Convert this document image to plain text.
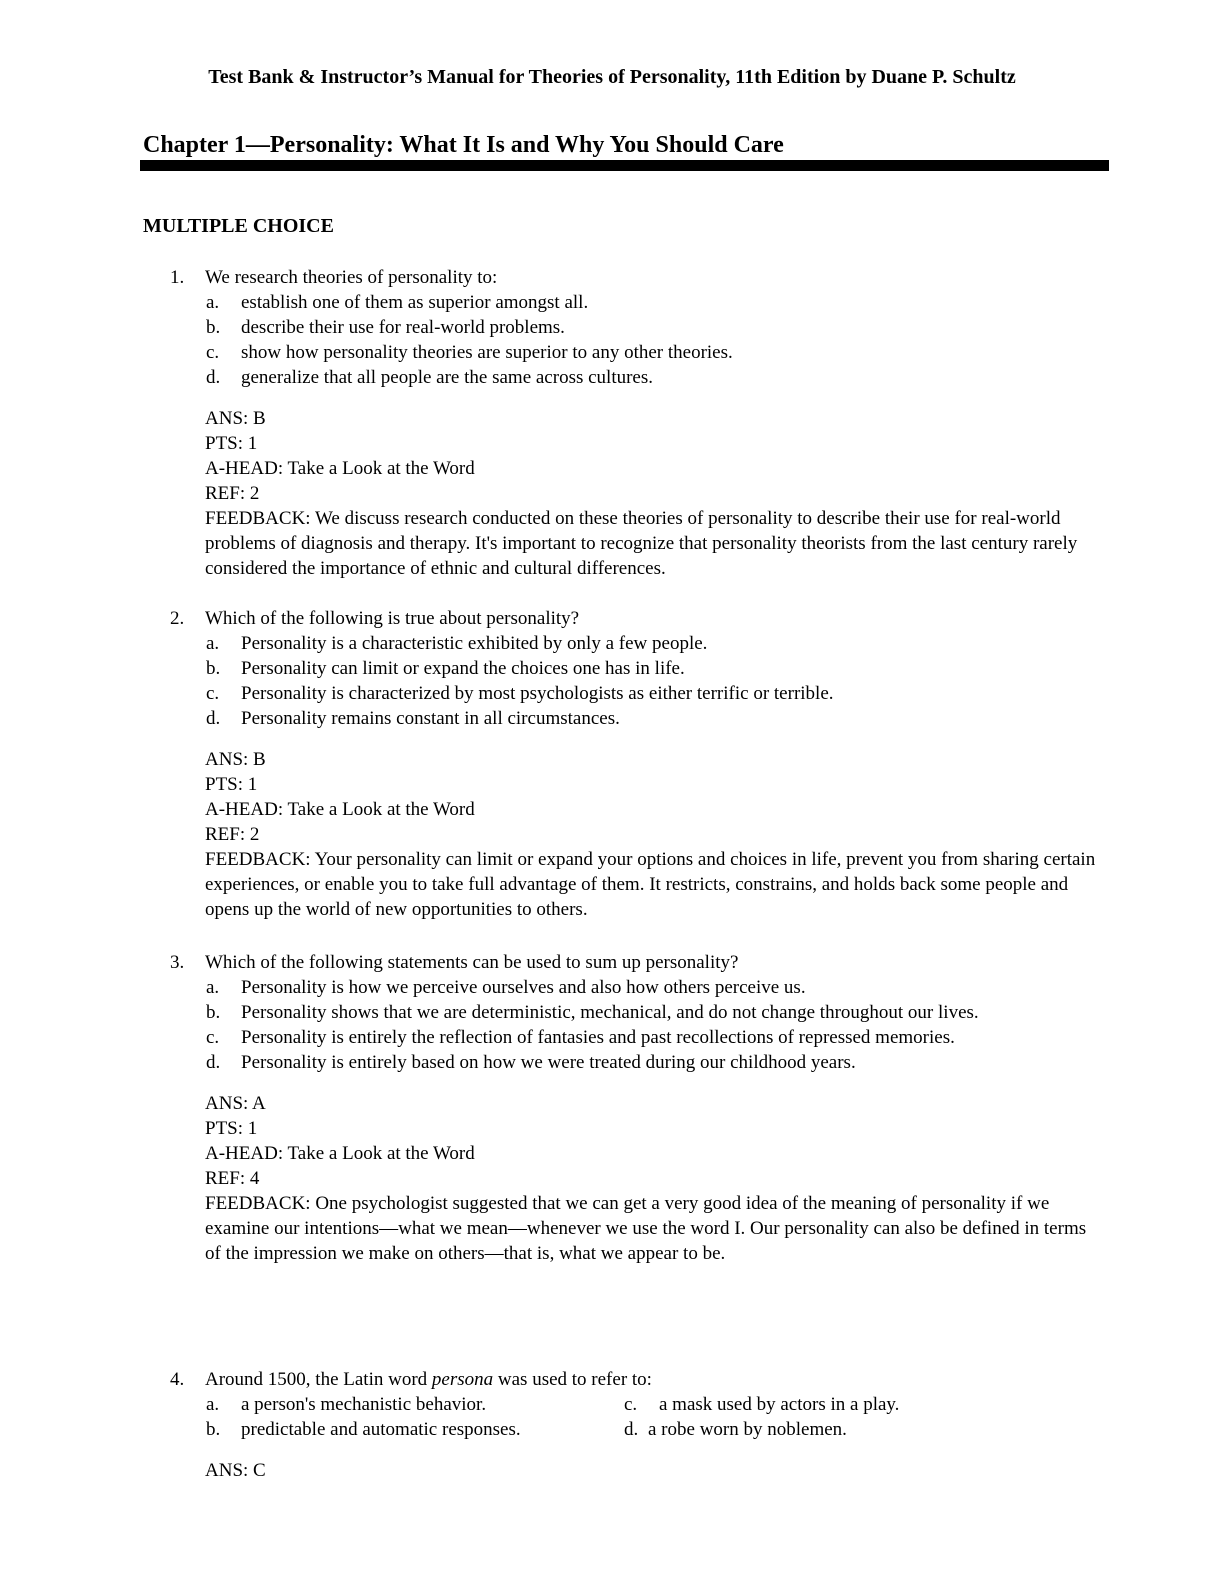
Test Bank & Instructor’s Manual for Theories of Personality, 11th Edition by Duane P. Schultz
Chapter 1—Personality: What It Is and Why You Should Care
MULTIPLE CHOICE
1. We research theories of personality to:
a. establish one of them as superior amongst all.
b. describe their use for real-world problems.
c. show how personality theories are superior to any other theories.
d. generalize that all people are the same across cultures.
ANS: B
PTS: 1
A-HEAD: Take a Look at the Word
REF: 2
FEEDBACK: We discuss research conducted on these theories of personality to describe their use for real-world problems of diagnosis and therapy. It's important to recognize that personality theorists from the last century rarely considered the importance of ethnic and cultural differences.
2. Which of the following is true about personality?
a. Personality is a characteristic exhibited by only a few people.
b. Personality can limit or expand the choices one has in life.
c. Personality is characterized by most psychologists as either terrific or terrible.
d. Personality remains constant in all circumstances.
ANS: B
PTS: 1
A-HEAD: Take a Look at the Word
REF: 2
FEEDBACK: Your personality can limit or expand your options and choices in life, prevent you from sharing certain experiences, or enable you to take full advantage of them. It restricts, constrains, and holds back some people and opens up the world of new opportunities to others.
3. Which of the following statements can be used to sum up personality?
a. Personality is how we perceive ourselves and also how others perceive us.
b. Personality shows that we are deterministic, mechanical, and do not change throughout our lives.
c. Personality is entirely the reflection of fantasies and past recollections of repressed memories.
d. Personality is entirely based on how we were treated during our childhood years.
ANS: A
PTS: 1
A-HEAD: Take a Look at the Word
REF: 4
FEEDBACK: One psychologist suggested that we can get a very good idea of the meaning of personality if we examine our intentions—what we mean—whenever we use the word I. Our personality can also be defined in terms of the impression we make on others—that is, what we appear to be.
4. Around 1500, the Latin word persona was used to refer to:
a. a person's mechanistic behavior.	c. a mask used by actors in a play.
b. predictable and automatic responses.	d. a robe worn by noblemen.
ANS: C
